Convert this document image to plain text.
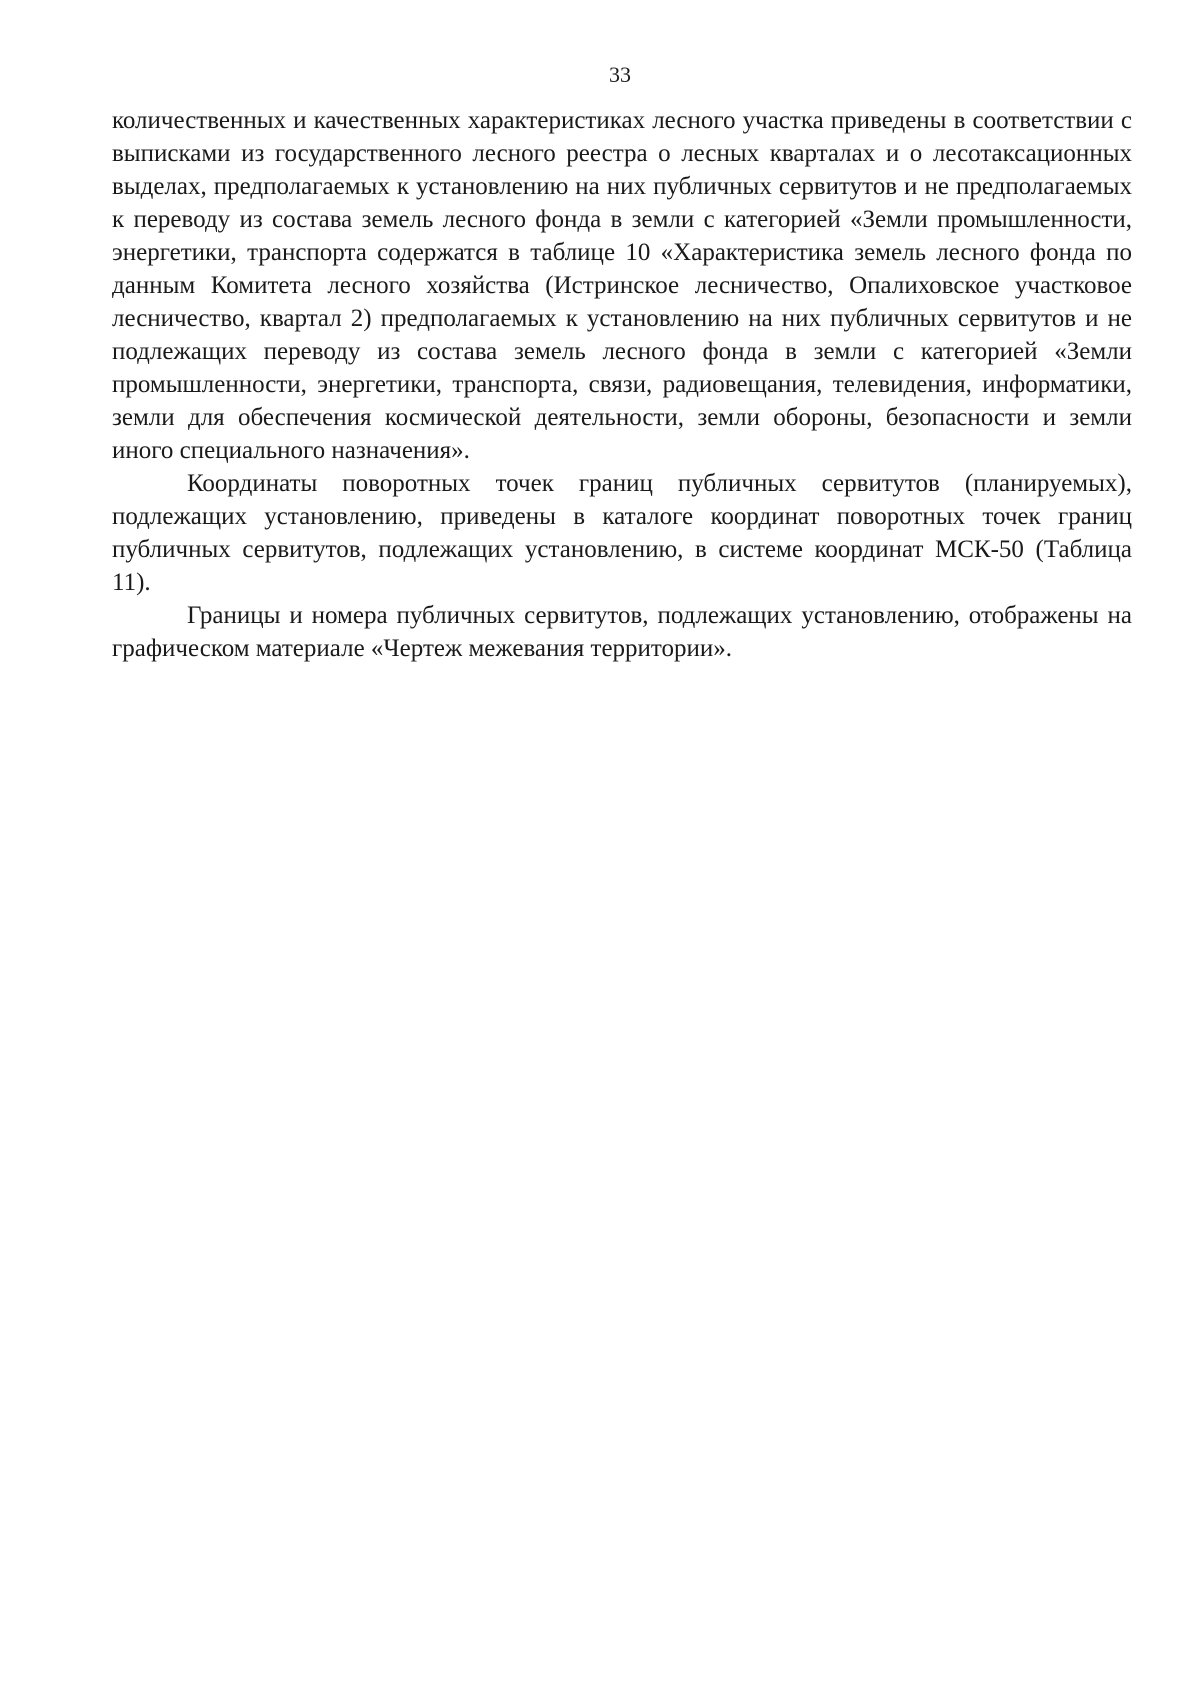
33

количественных и качественных характеристиках лесного участка приведены в соответствии с выписками из государственного лесного реестра о лесных кварталах и о лесотаксационных выделах, предполагаемых к установлению на них публичных сервитутов и не предполагаемых к переводу из состава земель лесного фонда в земли с категорией «Земли промышленности, энергетики, транспорта содержатся в таблице 10 «Характеристика земель лесного фонда по данным Комитета лесного хозяйства (Истринское лесничество, Опалиховское участковое лесничество, квартал 2) предполагаемых к установлению на них публичных сервитутов и не подлежащих переводу из состава земель лесного фонда в земли с категорией «Земли промышленности, энергетики, транспорта, связи, радиовещания, телевидения, информатики, земли для обеспечения космической деятельности, земли обороны, безопасности и земли иного специального назначения».

Координаты поворотных точек границ публичных сервитутов (планируемых), подлежащих установлению, приведены в каталоге координат поворотных точек границ публичных сервитутов, подлежащих установлению, в системе координат МСК-50 (Таблица 11).

Границы и номера публичных сервитутов, подлежащих установлению, отображены на графическом материале «Чертеж межевания территории».
